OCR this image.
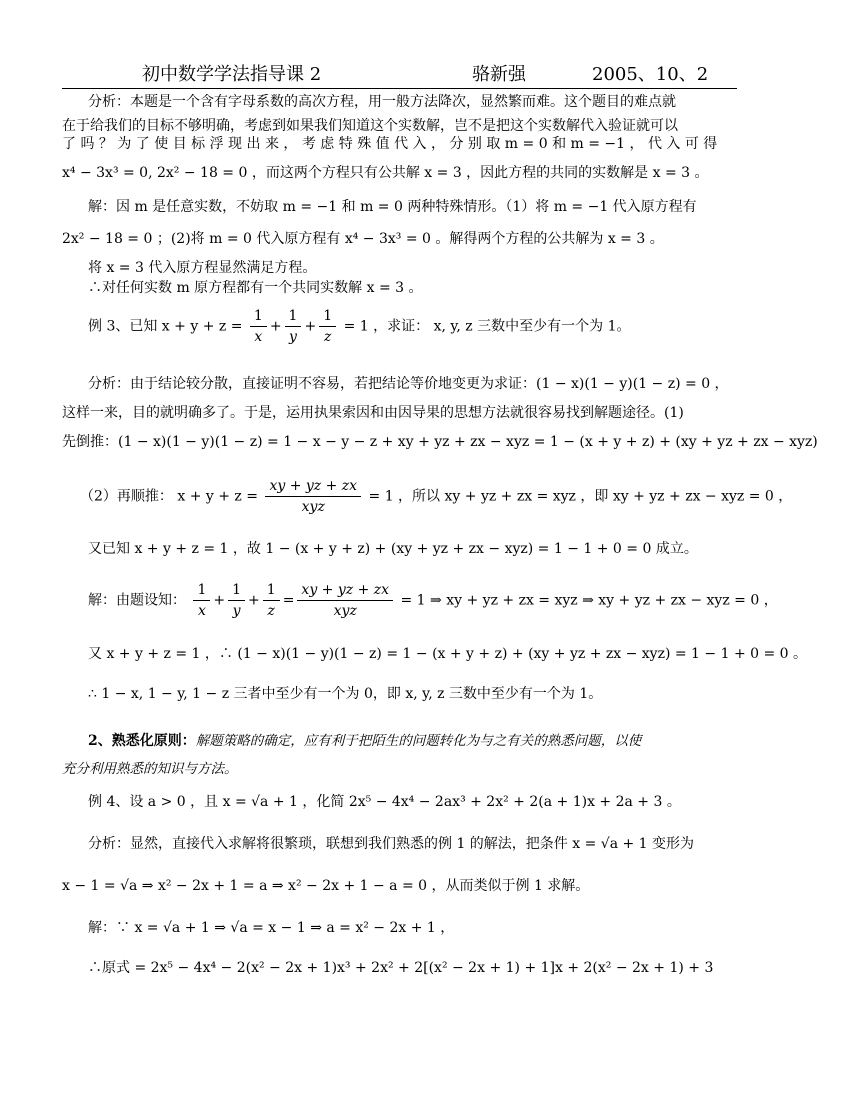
初中数学学法指导课 2	骆新强	2005、10、2
分析：本题是一个含有字母系数的高次方程，用一般方法降次，显然繁而难。这个题目的难点就
在于给我们的目标不够明确，考虑到如果我们知道这个实数解，岂不是把这个实数解代入验证就可以
了 吗 ？ 为 了 使 目 标 浮 现 出 来 ， 考 虑 特 殊 值 代 入 ， 分 别 取 m = 0 和 m = −1 ， 代 入 可 得
x⁴ − 3x³ = 0, 2x² − 18 = 0 ，而这两个方程只有公共解 x = 3 ，因此方程的共同的实数解是 x = 3 。
解：因 m 是任意实数，不妨取 m = −1 和 m = 0 两种特殊情形。（1）将 m = −1 代入原方程有
2x² − 18 = 0 ；(2)将 m = 0 代入原方程有 x⁴ − 3x³ = 0 。解得两个方程的公共解为 x = 3 。
将 x = 3 代入原方程显然满足方程。
∴对任何实数 m 原方程都有一个共同实数解 x = 3 。
例 3、已知 $x + y + z = \frac{1}{x} + \frac{1}{y} + \frac{1}{z} = 1$ ，求证： x, y, z 三数中至少有一个为 1。
分析：由于结论较分散，直接证明不容易，若把结论等价地变更为求证：(1 − x)(1 − y)(1 − z) = 0 ，
这样一来，目的就明确多了。于是，运用执果索因和由因导果的思想方法就很容易找到解题途径。(1)
先倒推：(1 − x)(1 − y)(1 − z) = 1 − x − y − z + xy + yz + zx − xyz = 1 − (x + y + z) + (xy + yz + zx − xyz)
（2）再顺推： $x + y + z = \frac{xy + yz + zx}{\text{xyz}} = 1$ ，所以 xy + yz + zx = xyz ，即 xy + yz + zx − xyz = 0 ，
又已知 x + y + z = 1 ，故 1 − (x + y + z) + (xy + yz + zx − xyz) = 1 − 1 + 0 = 0 成立。
解：由题设知： $\frac{1}{x} + \frac{1}{y} + \frac{1}{z} = \frac{xy + yz + zx}{\text{xyz}} = 1$ ⇒ xy + yz + zx = xyz ⇒ xy + yz + zx − xyz = 0 ，
又 x + y + z = 1 ，∴ (1 − x)(1 − y)(1 − z) = 1 − (x + y + z) + (xy + yz + zx − xyz) = 1 − 1 + 0 = 0 。
∴ 1 − x, 1 − y, 1 − z 三者中至少有一个为 0，即 x, y, z 三数中至少有一个为 1。
2、熟悉化原则：解题策略的确定，应有利于把陌生的问题转化为与之有关的熟悉问题，以使
充分利用熟悉的知识与方法。
例 4、设 a > 0 ，且 x = √a + 1 ，化简 2x⁵ − 4x⁴ − 2ax³ + 2x² + 2(a + 1)x + 2a + 3 。
分析：显然，直接代入求解将很繁琐，联想到我们熟悉的例 1 的解法，把条件 x = √a + 1 变形为
x − 1 = √a ⇒ x² − 2x + 1 = a ⇒ x² − 2x + 1 − a = 0 ，从而类似于例 1 求解。
解：∵ x = √a + 1 ⇒ √a = x − 1 ⇒ a = x² − 2x + 1 ，
∴原式 = 2x⁵ − 4x⁴ − 2(x² − 2x + 1)x³ + 2x² + 2[(x² − 2x + 1) + 1]x + 2(x² − 2x + 1) + 3
